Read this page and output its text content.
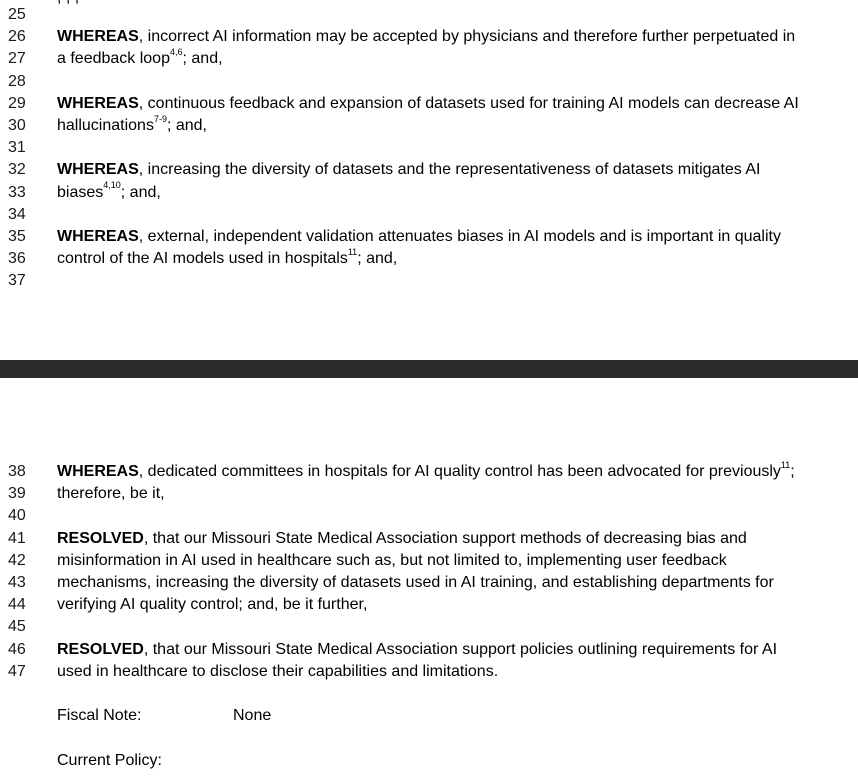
25
26	WHEREAS, incorrect AI information may be accepted by physicians and therefore further perpetuated in
27	a feedback loop$^{4,6}$; and,
28
29	WHEREAS, continuous feedback and expansion of datasets used for training AI models can decrease AI
30	hallucinations$^{7-9}$; and,
31
32	WHEREAS, increasing the diversity of datasets and the representativeness of datasets mitigates AI
33	biases$^{4,10}$; and,
34
35	WHEREAS, external, independent validation attenuates biases in AI models and is important in quality
36	control of the AI models used in hospitals$^{11}$; and,
37
38	WHEREAS, dedicated committees in hospitals for AI quality control has been advocated for previously$^{11}$;
39	therefore, be it,
40
41	RESOLVED, that our Missouri State Medical Association support methods of decreasing bias and
42	misinformation in AI used in healthcare such as, but not limited to, implementing user feedback
43	mechanisms, increasing the diversity of datasets used in AI training, and establishing departments for
44	verifying AI quality control; and, be it further,
45
46	RESOLVED, that our Missouri State Medical Association support policies outlining requirements for AI
47	used in healthcare to disclose their capabilities and limitations.
Fiscal Note:	None
Current Policy:
